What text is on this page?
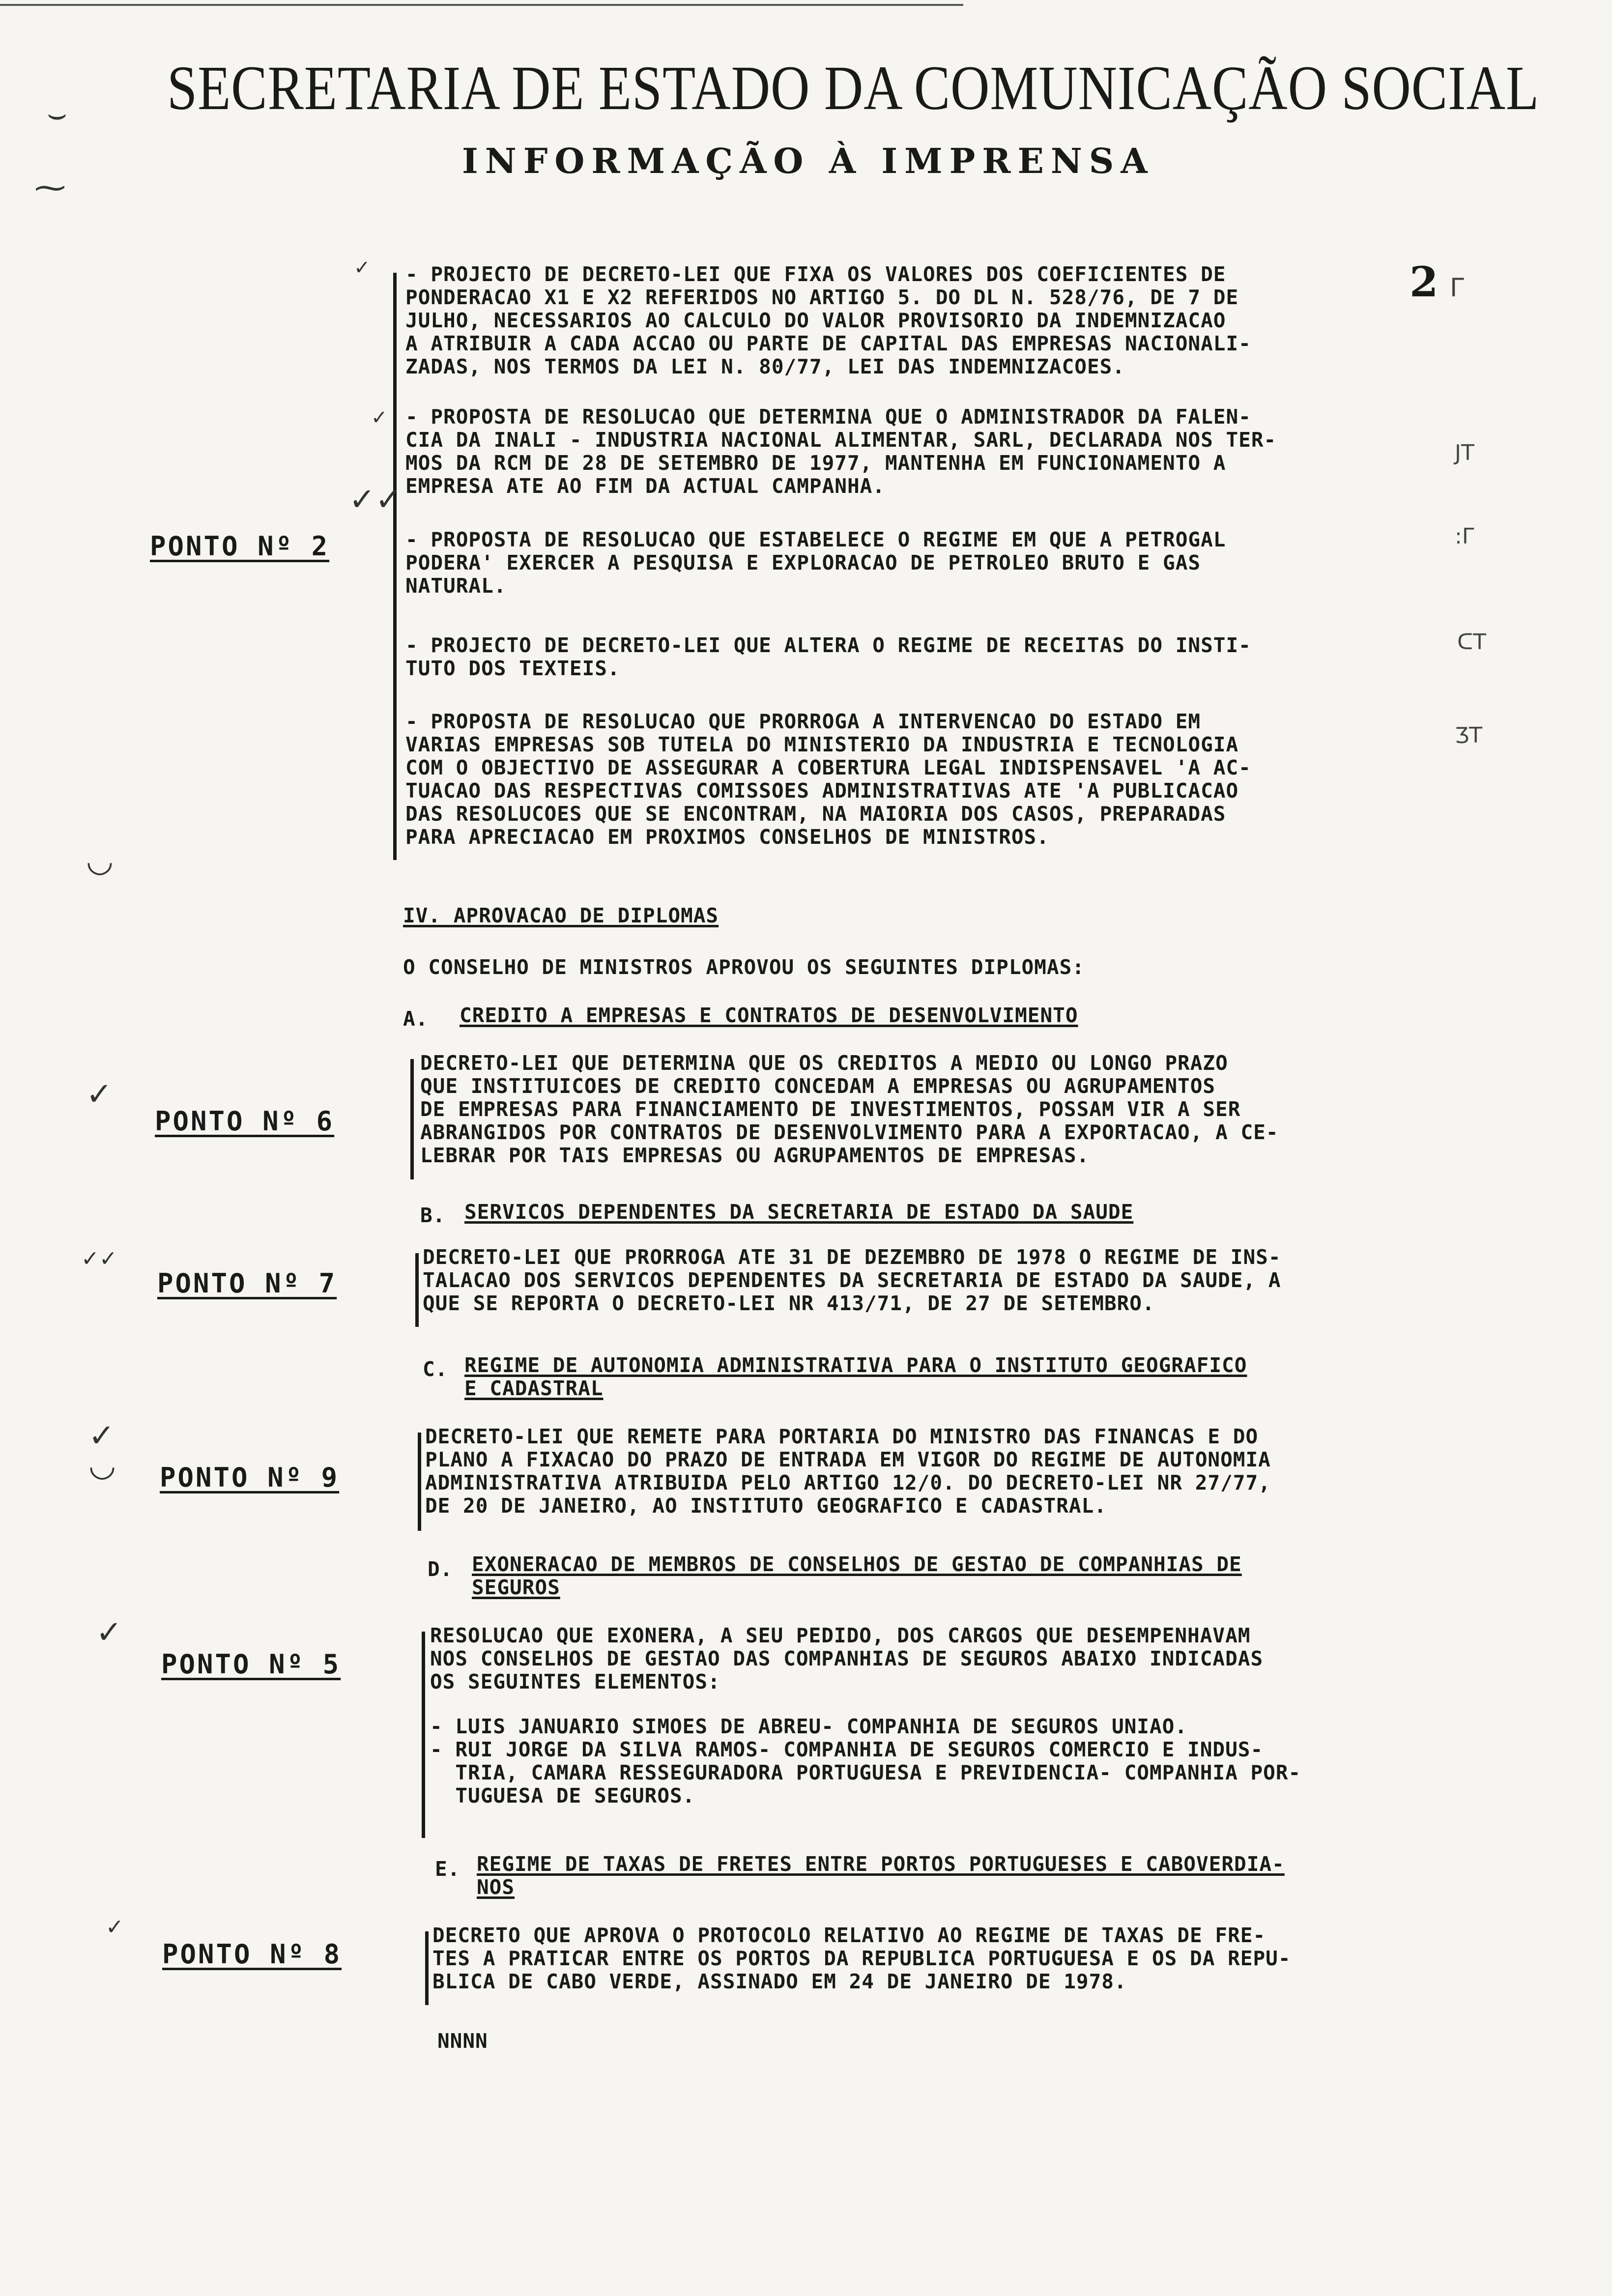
SECRETARIA DE ESTADO DA COMUNICAÇÃO SOCIAL
INFORMAÇÃO À IMPRENSA
2
- PROJECTO DE DECRETO-LEI QUE FIXA OS VALORES DOS COEFICIENTES DE
PONDERACAO X1 E X2 REFERIDOS NO ARTIGO 5. DO DL N. 528/76, DE 7 DE
JULHO, NECESSARIOS AO CALCULO DO VALOR PROVISORIO DA INDEMNIZACAO
A ATRIBUIR A CADA ACCAO OU PARTE DE CAPITAL DAS EMPRESAS NACIONALI-
ZADAS, NOS TERMOS DA LEI N. 80/77, LEI DAS INDEMNIZACOES.
- PROPOSTA DE RESOLUCAO QUE DETERMINA QUE O ADMINISTRADOR DA FALEN-
CIA DA INALI - INDUSTRIA NACIONAL ALIMENTAR, SARL, DECLARADA NOS TER-
MOS DA RCM DE 28 DE SETEMBRO DE 1977, MANTENHA EM FUNCIONAMENTO A
EMPRESA ATE AO FIM DA ACTUAL CAMPANHA.
- PROPOSTA DE RESOLUCAO QUE ESTABELECE O REGIME EM QUE A PETROGAL
PODERA' EXERCER A PESQUISA E EXPLORACAO DE PETROLEO BRUTO E GAS
NATURAL.
- PROJECTO DE DECRETO-LEI QUE ALTERA O REGIME DE RECEITAS DO INSTI-
TUTO DOS TEXTEIS.
- PROPOSTA DE RESOLUCAO QUE PRORROGA A INTERVENCAO DO ESTADO EM
VARIAS EMPRESAS SOB TUTELA DO MINISTERIO DA INDUSTRIA E TECNOLOGIA
COM O OBJECTIVO DE ASSEGURAR A COBERTURA LEGAL INDISPENSAVEL 'A AC-
TUACAO DAS RESPECTIVAS COMISSOES ADMINISTRATIVAS ATE 'A PUBLICACAO
DAS RESOLUCOES QUE SE ENCONTRAM, NA MAIORIA DOS CASOS, PREPARADAS
PARA APRECIACAO EM PROXIMOS CONSELHOS DE MINISTROS.
PONTO Nº 2
IV. APROVACAO DE DIPLOMAS
O CONSELHO DE MINISTROS APROVOU OS SEGUINTES DIPLOMAS:
A. CREDITO A EMPRESAS E CONTRATOS DE DESENVOLVIMENTO
DECRETO-LEI QUE DETERMINA QUE OS CREDITOS A MEDIO OU LONGO PRAZO
QUE INSTITUICOES DE CREDITO CONCEDAM A EMPRESAS OU AGRUPAMENTOS
DE EMPRESAS PARA FINANCIAMENTO DE INVESTIMENTOS, POSSAM VIR A SER
ABRANGIDOS POR CONTRATOS DE DESENVOLVIMENTO PARA A EXPORTACAO, A CE-
LEBRAR POR TAIS EMPRESAS OU AGRUPAMENTOS DE EMPRESAS.
PONTO Nº 6
B. SERVICOS DEPENDENTES DA SECRETARIA DE ESTADO DA SAUDE
DECRETO-LEI QUE PRORROGA ATE 31 DE DEZEMBRO DE 1978 O REGIME DE INS-
TALACAO DOS SERVICOS DEPENDENTES DA SECRETARIA DE ESTADO DA SAUDE, A
QUE SE REPORTA O DECRETO-LEI NR 413/71, DE 27 DE SETEMBRO.
PONTO Nº 7
C. REGIME DE AUTONOMIA ADMINISTRATIVA PARA O INSTITUTO GEOGRAFICO
E CADASTRAL
DECRETO-LEI QUE REMETE PARA PORTARIA DO MINISTRO DAS FINANCAS E DO
PLANO A FIXACAO DO PRAZO DE ENTRADA EM VIGOR DO REGIME DE AUTONOMIA
ADMINISTRATIVA ATRIBUIDA PELO ARTIGO 12/0. DO DECRETO-LEI NR 27/77,
DE 20 DE JANEIRO, AO INSTITUTO GEOGRAFICO E CADASTRAL.
PONTO Nº 9
D. EXONERACAO DE MEMBROS DE CONSELHOS DE GESTAO DE COMPANHIAS DE
SEGUROS
RESOLUCAO QUE EXONERA, A SEU PEDIDO, DOS CARGOS QUE DESEMPENHAVAM
NOS CONSELHOS DE GESTAO DAS COMPANHIAS DE SEGUROS ABAIXO INDICADAS
OS SEGUINTES ELEMENTOS:
- LUIS JANUARIO SIMOES DE ABREU- COMPANHIA DE SEGUROS UNIAO.
- RUI JORGE DA SILVA RAMOS- COMPANHIA DE SEGUROS COMERCIO E INDUS-
TRIA, CAMARA RESSEGURADORA PORTUGUESA E PREVIDENCIA- COMPANHIA POR-
TUGUESA DE SEGUROS.
PONTO Nº 5
E. REGIME DE TAXAS DE FRETES ENTRE PORTOS PORTUGUESES E CABOVERDIA-
NOS
DECRETO QUE APROVA O PROTOCOLO RELATIVO AO REGIME DE TAXAS DE FRE-
TES A PRATICAR ENTRE OS PORTOS DA REPUBLICA PORTUGUESA E OS DA REPU-
BLICA DE CABO VERDE, ASSINADO EM 24 DE JANEIRO DE 1978.
PONTO Nº 8
NNNN
⌣
⁓
✓
✓
✓✓
◡
✓
✓✓
✓
◡
✓
✓
Γ
JT
:Γ
ᑕT
ƷT
